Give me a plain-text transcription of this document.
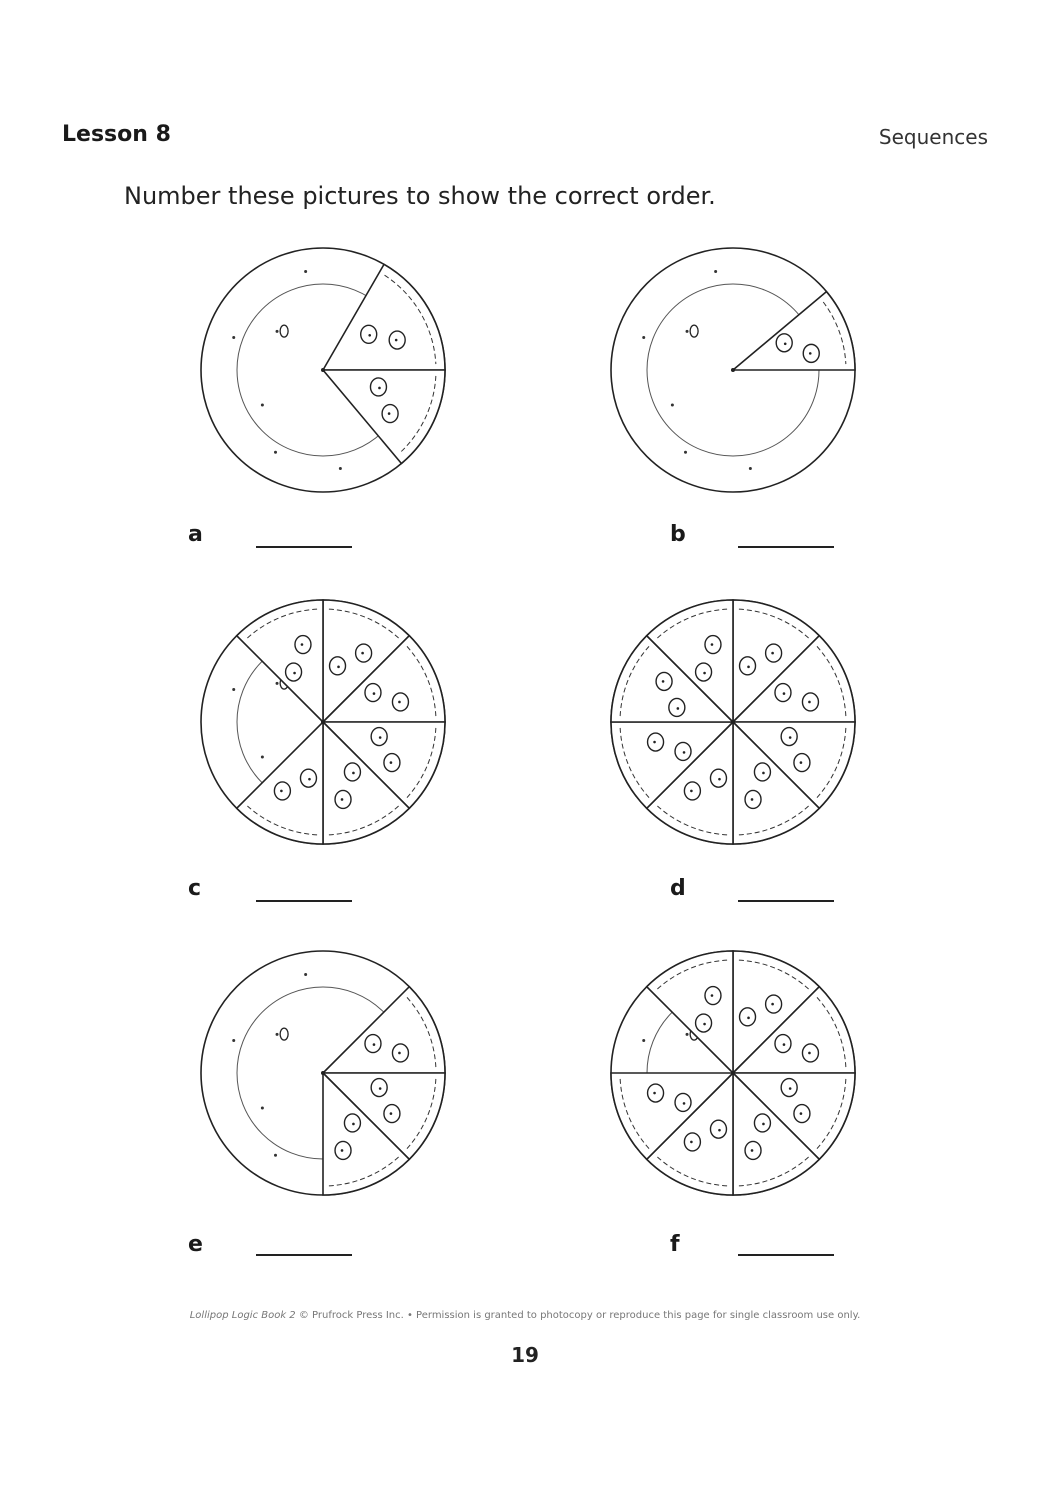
Lesson 8	Sequences
Number these pictures to show the correct order.
a	b
c	d
e	f
Lollipop Logic Book 2 © Prufrock Press Inc. • Permission is granted to photocopy or reproduce this page for single classroom use only.
19
